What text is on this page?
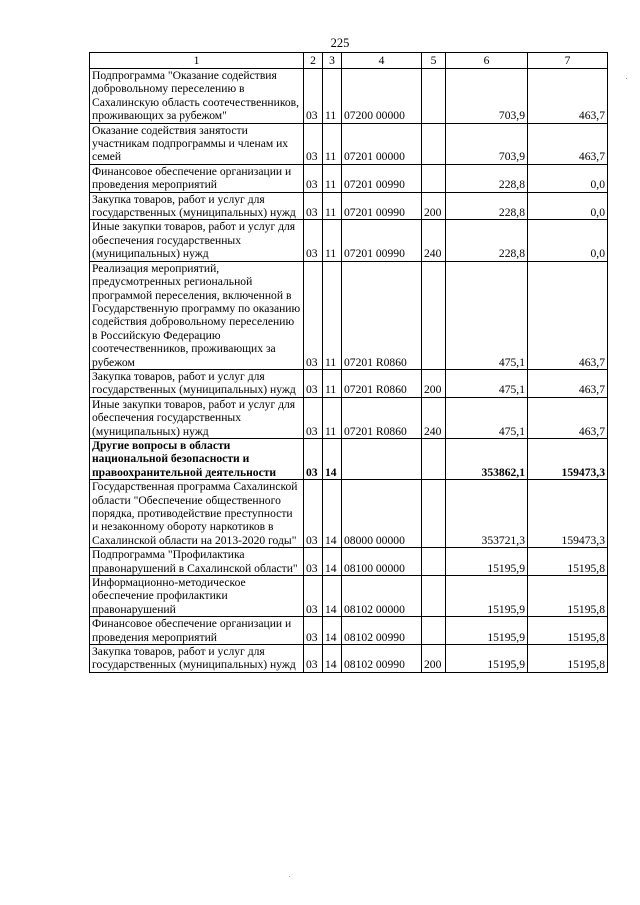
225
1	2	3	4	5	6	7
Подпрограмма "Оказание содействия добровольному переселению в Сахалинскую область соотечественников, проживающих за рубежом"	03	11	07200 00000		703,9	463,7
Оказание содействия занятости участникам подпрограммы и членам их семей	03	11	07201 00000		703,9	463,7
Финансовое обеспечение организации и проведения мероприятий	03	11	07201 00990		228,8	0,0
Закупка товаров, работ и услуг для государственных (муниципальных) нужд	03	11	07201 00990	200	228,8	0,0
Иные закупки товаров, работ и услуг для обеспечения государственных (муниципальных) нужд	03	11	07201 00990	240	228,8	0,0
Реализация мероприятий, предусмотренных региональной программой переселения, включенной в Государственную программу по оказанию содействия добровольному переселению в Российскую Федерацию соотечественников, проживающих за рубежом	03	11	07201 R0860		475,1	463,7
Закупка товаров, работ и услуг для государственных (муниципальных) нужд	03	11	07201 R0860	200	475,1	463,7
Иные закупки товаров, работ и услуг для обеспечения государственных (муниципальных) нужд	03	11	07201 R0860	240	475,1	463,7
Другие вопросы в области национальной безопасности и правоохранительной деятельности	03	14			353862,1	159473,3
Государственная программа Сахалинской области "Обеспечение общественного порядка, противодействие преступности и незаконному обороту наркотиков в Сахалинской области на 2013-2020 годы"	03	14	08000 00000		353721,3	159473,3
Подпрограмма "Профилактика правонарушений в Сахалинской области"	03	14	08100 00000		15195,9	15195,8
Информационно-методическое обеспечение профилактики правонарушений	03	14	08102 00000		15195,9	15195,8
Финансовое обеспечение организации и проведения мероприятий	03	14	08102 00990		15195,9	15195,8
Закупка товаров, работ и услуг для государственных (муниципальных) нужд	03	14	08102 00990	200	15195,9	15195,8
